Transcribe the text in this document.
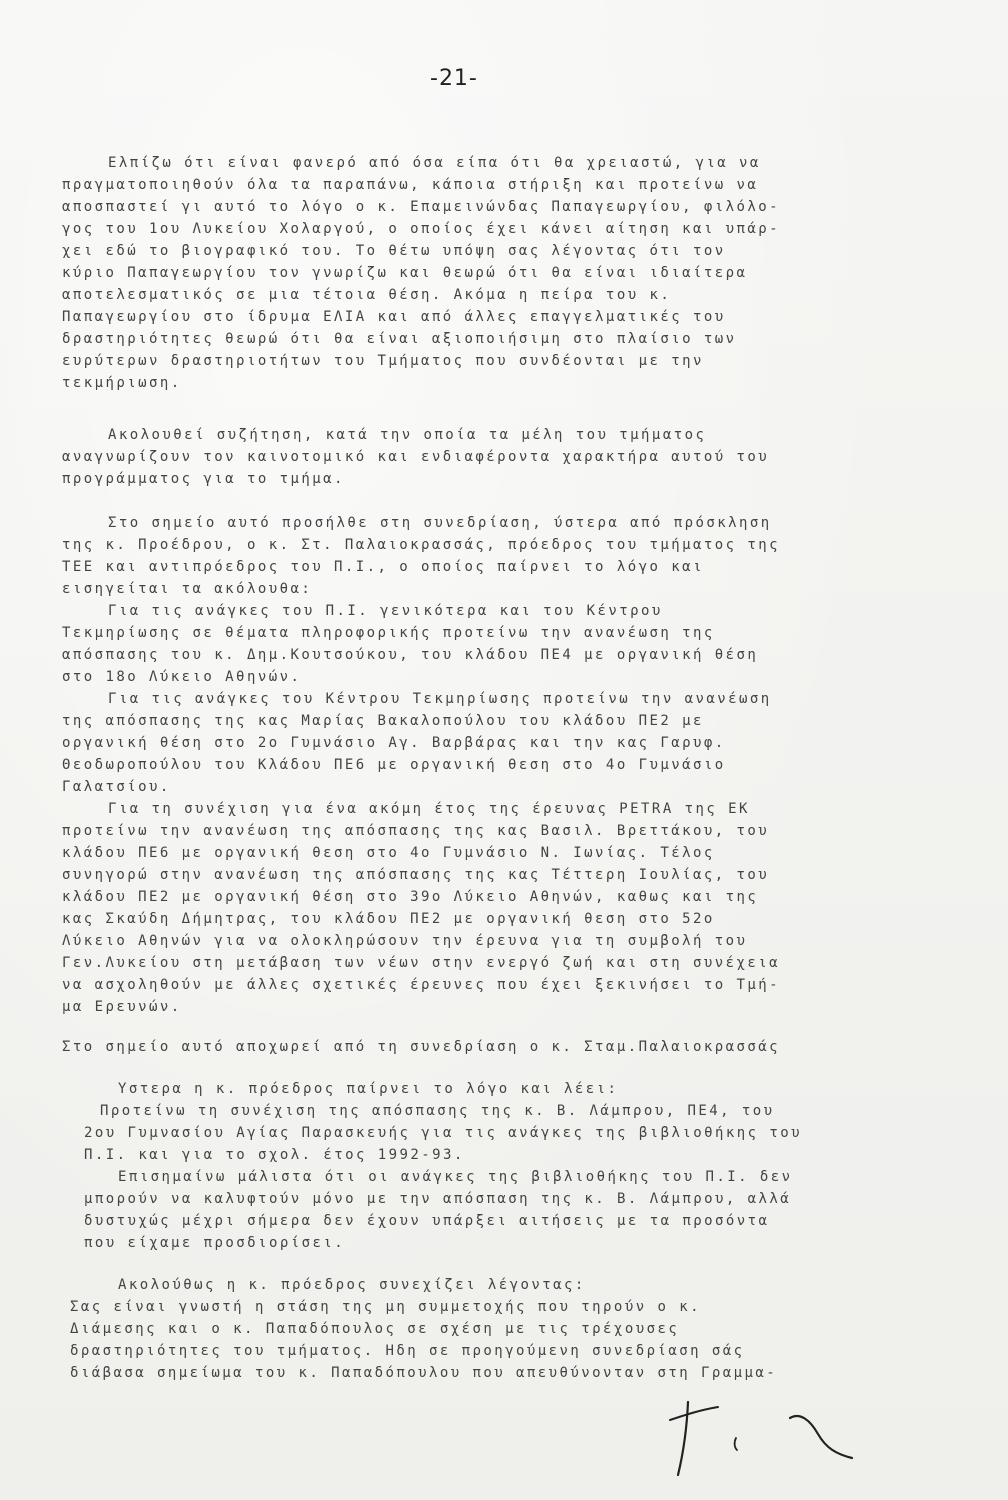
-21-
Ελπίζω ότι είναι φανερό από όσα είπα ότι θα χρειαστώ, για να
πραγματοποιηθούν όλα τα παραπάνω, κάποια στήριξη και προτείνω να
αποσπαστεί γι αυτό το λόγο ο κ. Επαμεινώνδας Παπαγεωργίου, φιλόλο-
γος του 1ου Λυκείου Χολαργού, ο οποίος έχει κάνει αίτηση και υπάρ-
χει εδώ το βιογραφικό του. Το θέτω υπόψη σας λέγοντας ότι τον
κύριο Παπαγεωργίου τον γνωρίζω και θεωρώ ότι θα είναι ιδιαίτερα
αποτελεσματικός σε μια τέτοια θέση. Ακόμα η πείρα του κ.
Παπαγεωργίου στο ίδρυμα ΕΛΙΑ και από άλλες επαγγελματικές του
δραστηριότητες θεωρώ ότι θα είναι αξιοποιήσιμη στο πλαίσιο των
ευρύτερων δραστηριοτήτων του Τμήματος που συνδέονται με την
τεκμήριωση.
Ακολουθεί συζήτηση, κατά την οποία τα μέλη του τμήματος
αναγνωρίζουν τον καινοτομικό και ενδιαφέροντα χαρακτήρα αυτού του
προγράμματος για το τμήμα.
Στο σημείο αυτό προσήλθε στη συνεδρίαση, ύστερα από πρόσκληση
της κ. Προέδρου, ο κ. Στ. Παλαιοκρασσάς, πρόεδρος του τμήματος της
ΤΕΕ και αντιπρόεδρος του Π.Ι., ο οποίος παίρνει το λόγο και
εισηγείται τα ακόλουθα:
Για τις ανάγκες του Π.Ι. γενικότερα και του Κέντρου
Τεκμηρίωσης σε θέματα πληροφορικής προτείνω την ανανέωση της
απόσπασης του κ. Δημ.Κουτσούκου, του κλάδου ΠΕ4 με οργανική θέση
στο 18ο Λύκειο Αθηνών.
Για τις ανάγκες του Κέντρου Τεκμηρίωσης προτείνω την ανανέωση
της απόσπασης της κας Μαρίας Βακαλοπούλου του κλάδου ΠΕ2 με
οργανική θέση στο 2ο Γυμνάσιο Αγ. Βαρβάρας και την κας Γαρυφ.
Θεοδωροπούλου του Κλάδου ΠΕ6 με οργανική θεση στο 4ο Γυμνάσιο
Γαλατσίου.
Για τη συνέχιση για ένα ακόμη έτος της έρευνας PETRA της ΕΚ
προτείνω την ανανέωση της απόσπασης της κας Βασιλ. Βρεττάκου, του
κλάδου ΠΕ6 με οργανική θεση στο 4ο Γυμνάσιο Ν. Ιωνίας. Τέλος
συνηγορώ στην ανανέωση της απόσπασης της κας Τέττερη Ιουλίας, του
κλάδου ΠΕ2 με οργανική θέση στο 39ο Λύκειο Αθηνών, καθως και της
κας Σκαύδη Δήμητρας, του κλάδου ΠΕ2 με οργανική θεση στο 52ο
Λύκειο Αθηνών για να ολοκληρώσουν την έρευνα για τη συμβολή του
Γεν.Λυκείου στη μετάβαση των νέων στην ενεργό ζωή και στη συνέχεια
να ασχοληθούν με άλλες σχετικές έρευνες που έχει ξεκινήσει το Τμή-
μα Ερευνών.
Στο σημείο αυτό αποχωρεί από τη συνεδρίαση ο κ. Σταμ.Παλαιοκρασσάς
Υστερα η κ. πρόεδρος παίρνει το λόγο και λέει:
Προτείνω τη συνέχιση της απόσπασης της κ. Β. Λάμπρου, ΠΕ4, του
2ου Γυμνασίου Αγίας Παρασκευής για τις ανάγκες της βιβλιοθήκης του
Π.Ι. και για το σχολ. έτος 1992-93.
Επισημαίνω μάλιστα ότι οι ανάγκες της βιβλιοθήκης του Π.Ι. δεν
μπορούν να καλυφτούν μόνο με την απόσπαση της κ. Β. Λάμπρου, αλλά
δυστυχώς μέχρι σήμερα δεν έχουν υπάρξει αιτήσεις με τα προσόντα
που είχαμε προσδιορίσει.
Ακολούθως η κ. πρόεδρος συνεχίζει λέγοντας:
Σας είναι γνωστή η στάση της μη συμμετοχής που τηρούν ο κ.
Διάμεσης και ο κ. Παπαδόπουλος σε σχέση με τις τρέχουσες
δραστηριότητες του τμήματος. Ηδη σε προηγούμενη συνεδρίαση σάς
διάβασα σημείωμα του κ. Παπαδόπουλου που απευθύνονταν στη Γραμμα-
